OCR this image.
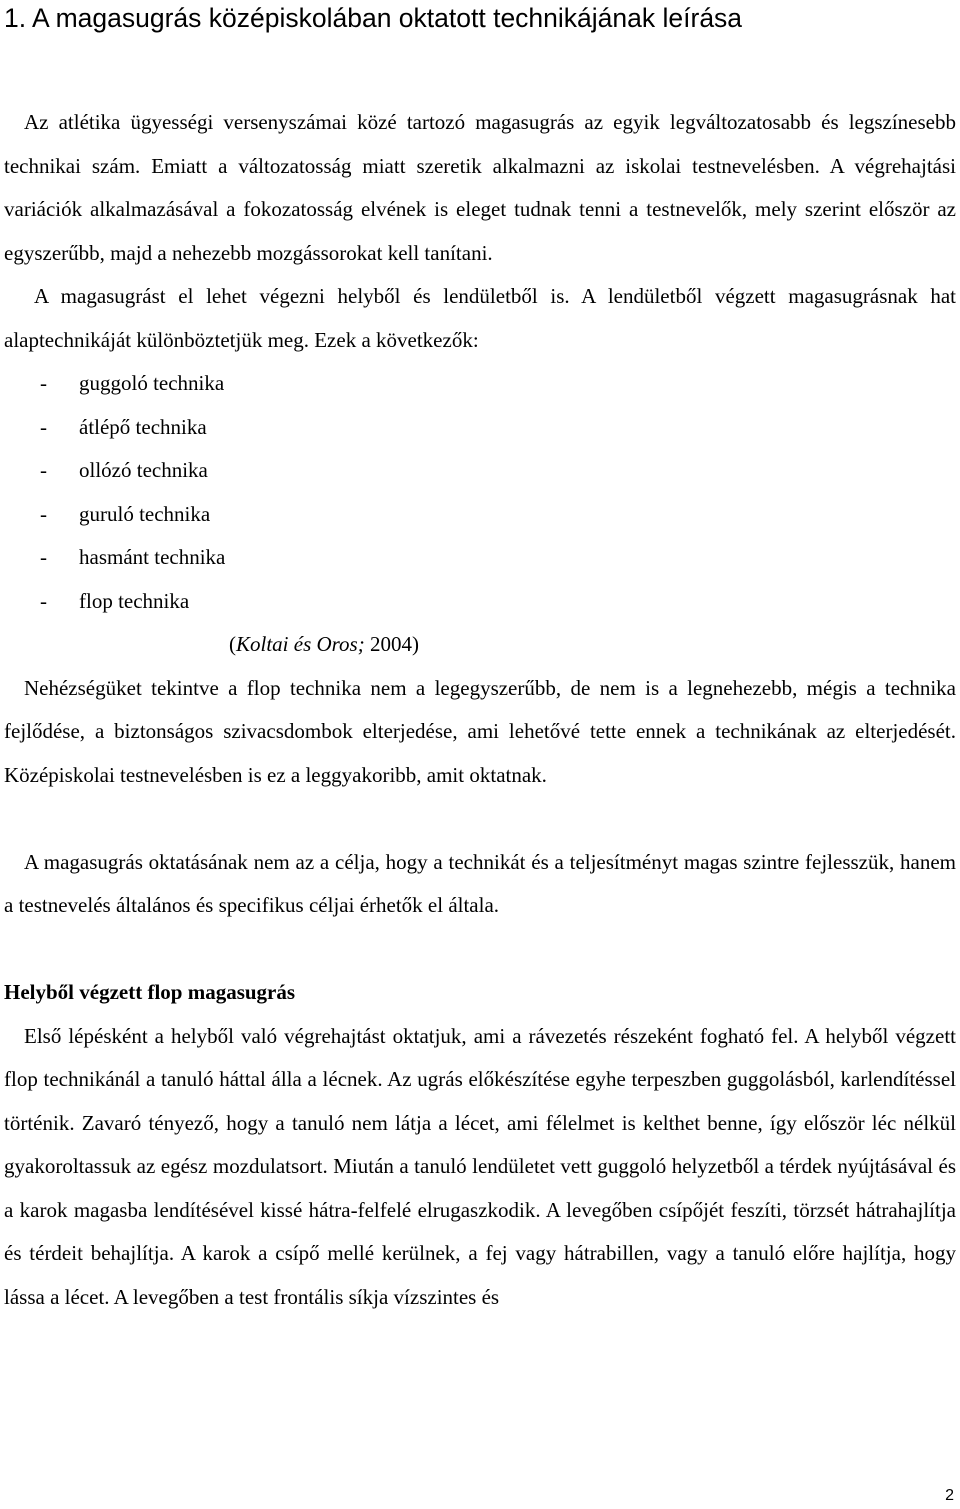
1. A magasugrás középiskolában oktatott technikájának leírása

Az atlétika ügyességi versenyszámai közé tartozó magasugrás az egyik legváltozatosabb és legszínesebb technikai szám. Emiatt a változatosság miatt szeretik alkalmazni az iskolai testnevelésben. A végrehajtási variációk alkalmazásával a fokozatosság elvének is eleget tudnak tenni a testnevelők, mely szerint először az egyszerűbb, majd a nehezebb mozgássorokat kell tanítani.

A magasugrást el lehet végezni helyből és lendületből is. A lendületből végzett magasugrásnak hat alaptechnikáját különböztetjük meg. Ezek a következők:

- guggoló technika
- átlépő technika
- ollózó technika
- guruló technika
- hasmánt technika
- flop technika

(Koltai és Oros; 2004)

Nehézségüket tekintve a flop technika nem a legegyszerűbb, de nem is a legnehezebb, mégis a technika fejlődése, a biztonságos szivacsdombok elterjedése, ami lehetővé tette ennek a technikának az elterjedését. Középiskolai testnevelésben is ez a leggyakoribb, amit oktatnak.

A magasugrás oktatásának nem az a célja, hogy a technikát és a teljesítményt magas szintre fejlesszük, hanem a testnevelés általános és specifikus céljai érhetők el általa.

Helyből végzett flop magasugrás

Első lépésként a helyből való végrehajtást oktatjuk, ami a rávezetés részeként fogható fel. A helyből végzett flop technikánál a tanuló háttal álla a lécnek. Az ugrás előkészítése egyhe terpeszben guggolásból, karlendítéssel történik. Zavaró tényező, hogy a tanuló nem látja a lécet, ami félelmet is kelthet benne, így először léc nélkül gyakoroltassuk az egész mozdulatsort. Miután a tanuló lendületet vett guggoló helyzetből a térdek nyújtásával és a karok magasba lendítésével kissé hátra-felfelé elrugaszkodik. A levegőben csípőjét feszíti, törzsét hátrahajlítja és térdeit behajlítja. A karok a csípő mellé kerülnek, a fej vagy hátrabillen, vagy a tanuló előre hajlítja, hogy lássa a lécet. A levegőben a test frontális síkja vízszintes és

2
